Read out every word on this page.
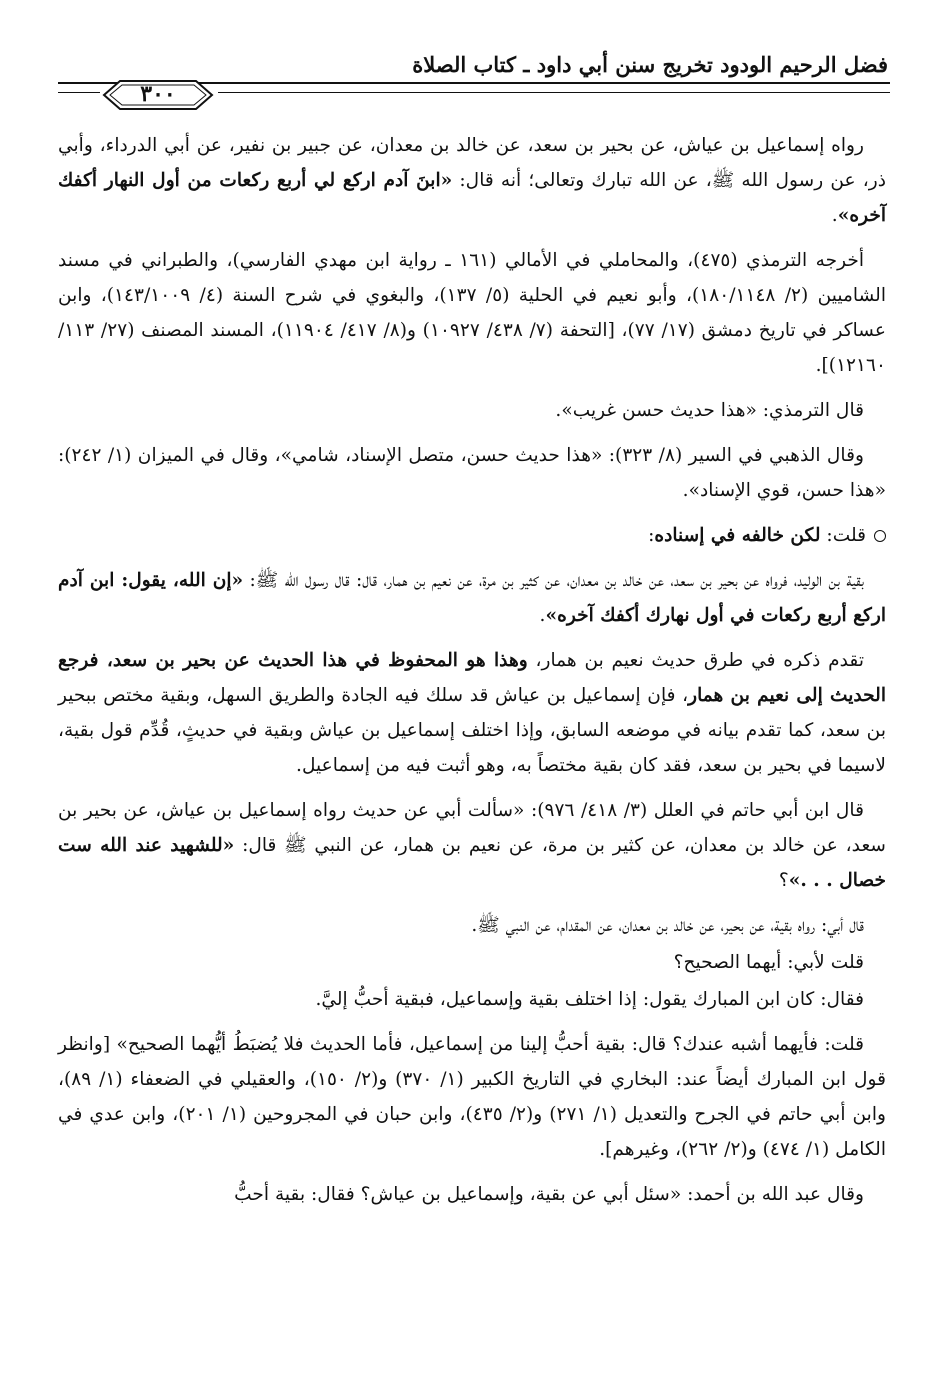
فضل الرحيم الودود تخريج سنن أبي داود ـ كتاب الصلاة
٣٠٠

رواه إسماعيل بن عياش، عن بحير بن سعد، عن خالد بن معدان، عن جبير بن نفير، عن أبي الدرداء، وأبي ذر، عن رسول الله ﷺ، عن الله تبارك وتعالى؛ أنه قال: «ابنَ آدم اركع لي أربع ركعات من أول النهار أكفك آخره».

أخرجه الترمذي (٤٧٥)، والمحاملي في الأمالي (١٦١ ـ رواية ابن مهدي الفارسي)، والطبراني في مسند الشاميين (٢/ ١٨٠/١١٤٨)، وأبو نعيم في الحلية (٥/ ١٣٧)، والبغوي في شرح السنة (٤/ ١٤٣/١٠٠٩)، وابن عساكر في تاريخ دمشق (١٧/ ٧٧)، [التحفة (٧/ ٤٣٨/ ١٠٩٢٧) و(٨/ ٤١٧/ ١١٩٠٤)، المسند المصنف (٢٧/ ١١٣/ ١٢١٦٠)].

قال الترمذي: «هذا حديث حسن غريب».

وقال الذهبي في السير (٨/ ٣٢٣): «هذا حديث حسن، متصل الإسناد، شامي»، وقال في الميزان (١/ ٢٤٢): «هذا حسن، قوي الإسناد».

قلت: لكن خالفه في إسناده:

بقية بن الوليد، فرواه عن بحير بن سعد، عن خالد بن معدان، عن كثير بن مرة، عن نعيم بن همار، قال: قال رسول الله ﷺ: «إن الله، يقول: ابن آدم اركع أربع ركعات في أول نهارك أكفك آخره».

تقدم ذكره في طرق حديث نعيم بن همار، وهذا هو المحفوظ في هذا الحديث عن بحير بن سعد، فرجع الحديث إلى نعيم بن همار، فإن إسماعيل بن عياش قد سلك فيه الجادة والطريق السهل، وبقية مختص ببحير بن سعد، كما تقدم بيانه في موضعه السابق، وإذا اختلف إسماعيل بن عياش وبقية في حديثٍ، قُدِّم قول بقية، لاسيما في بحير بن سعد، فقد كان بقية مختصاً به، وهو أثبت فيه من إسماعيل.

قال ابن أبي حاتم في العلل (٣/ ٤١٨/ ٩٧٦): «سألت أبي عن حديث رواه إسماعيل بن عياش، عن بحير بن سعد، عن خالد بن معدان، عن كثير بن مرة، عن نعيم بن همار، عن النبي ﷺ قال: «للشهيد عند الله ست خصال . . .»؟

قال أبي: رواه بقية، عن بحير، عن خالد بن معدان، عن المقدام، عن النبي ﷺ.

قلت لأبي: أيهما الصحيح؟

فقال: كان ابن المبارك يقول: إذا اختلف بقية وإسماعيل، فبقية أحبُّ إليَّ.

قلت: فأيهما أشبه عندك؟ قال: بقية أحبُّ إلينا من إسماعيل، فأما الحديث فلا يُضبَطُ أيُّهما الصحيح» [وانظر قول ابن المبارك أيضاً عند: البخاري في التاريخ الكبير (١/ ٣٧٠) و(٢/ ١٥٠)، والعقيلي في الضعفاء (١/ ٨٩)، وابن أبي حاتم في الجرح والتعديل (١/ ٢٧١) و(٢/ ٤٣٥)، وابن حبان في المجروحين (١/ ٢٠١)، وابن عدي في الكامل (١/ ٤٧٤) و(٢/ ٢٦٢)، وغيرهم].

وقال عبد الله بن أحمد: «سئل أبي عن بقية، وإسماعيل بن عياش؟ فقال: بقية أحبُّ
